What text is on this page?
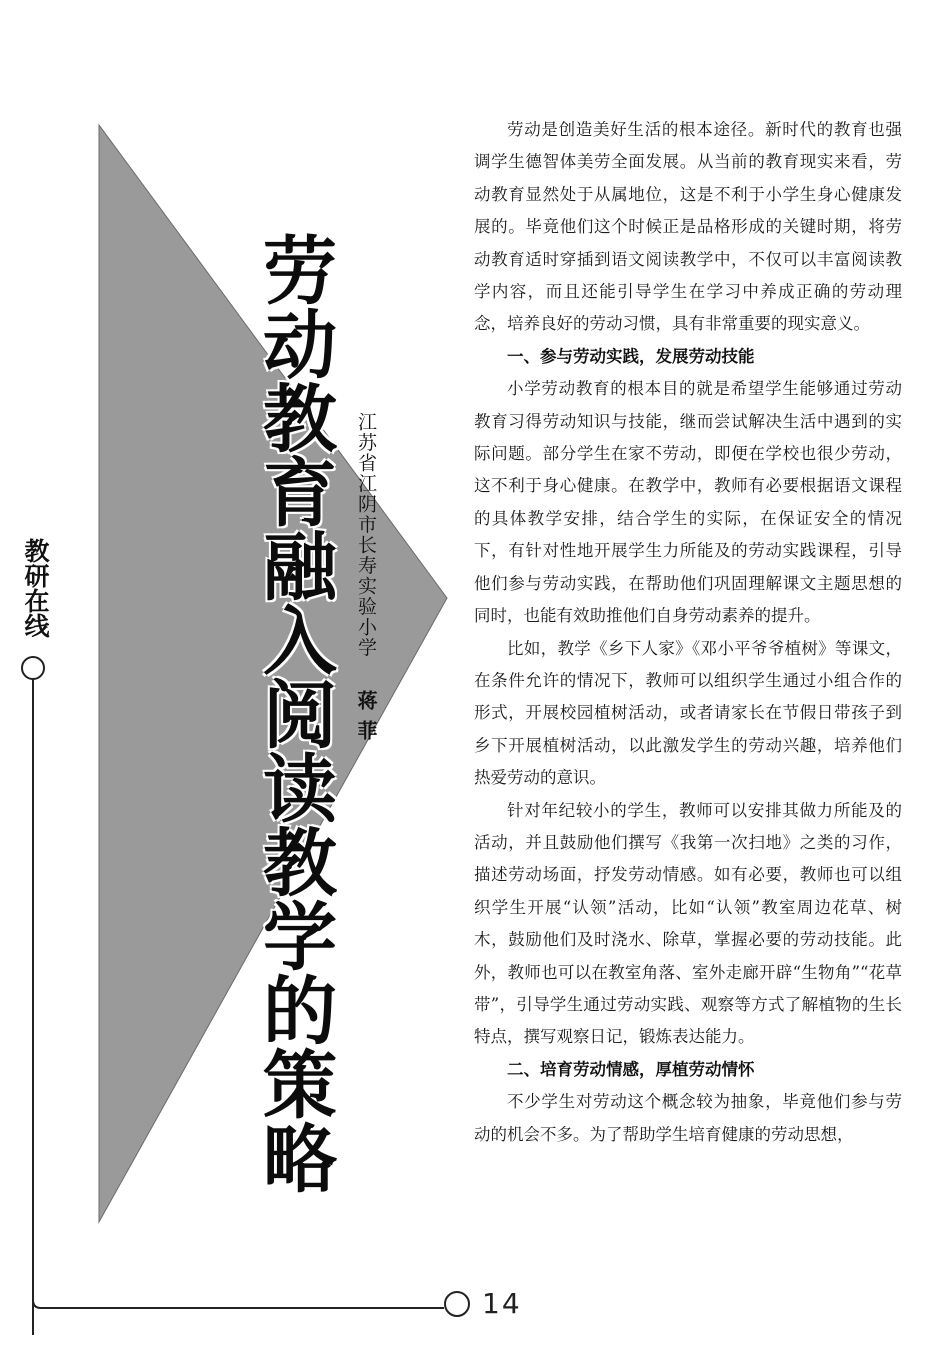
教研在线	劳动教育融入阅读教学的策略 江苏省江阴市长寿实验小学
蒋菲

劳动是创造美好生活的根本途径。新时代的教育也强调学生德智体美劳全面发展。从当前的教育现实来看，劳动教育显然处于从属地位，这是不利于小学生身心健康发展的。毕竟他们这个时候正是品格形成的关键时期，将劳动教育适时穿插到语文阅读教学中，不仅可以丰富阅读教学内容，而且还能引导学生在学习中养成正确的劳动理念，培养良好的劳动习惯，具有非常重要的现实意义。

一、参与劳动实践，发展劳动技能

小学劳动教育的根本目的就是希望学生能够通过劳动教育习得劳动知识与技能，继而尝试解决生活中遇到的实际问题。部分学生在家不劳动，即便在学校也很少劳动，这不利于身心健康。在教学中，教师有必要根据语文课程的具体教学安排，结合学生的实际，在保证安全的情况下，有针对性地开展学生力所能及的劳动实践课程，引导他们参与劳动实践，在帮助他们巩固理解课文主题思想的同时，也能有效助推他们自身劳动素养的提升。

比如，教学《乡下人家》《邓小平爷爷植树》等课文，在条件允许的情况下，教师可以组织学生通过小组合作的形式，开展校园植树活动，或者请家长在节假日带孩子到乡下开展植树活动，以此激发学生的劳动兴趣，培养他们热爱劳动的意识。

针对年纪较小的学生，教师可以安排其做力所能及的活动，并且鼓励他们撰写《我第一次扫地》之类的习作，描述劳动场面，抒发劳动情感。如有必要，教师也可以组织学生开展“认领”活动，比如“认领”教室周边花草、树木，鼓励他们及时浇水、除草，掌握必要的劳动技能。此外，教师也可以在教室角落、室外走廊开辟“生物角”“花草带”，引导学生通过劳动实践、观察等方式了解植物的生长特点，撰写观察日记，锻炼表达能力。

二、培育劳动情感，厚植劳动情怀

不少学生对劳动这个概念较为抽象，毕竟他们参与劳动的机会不多。为了帮助学生培育健康的劳动思想，

14
